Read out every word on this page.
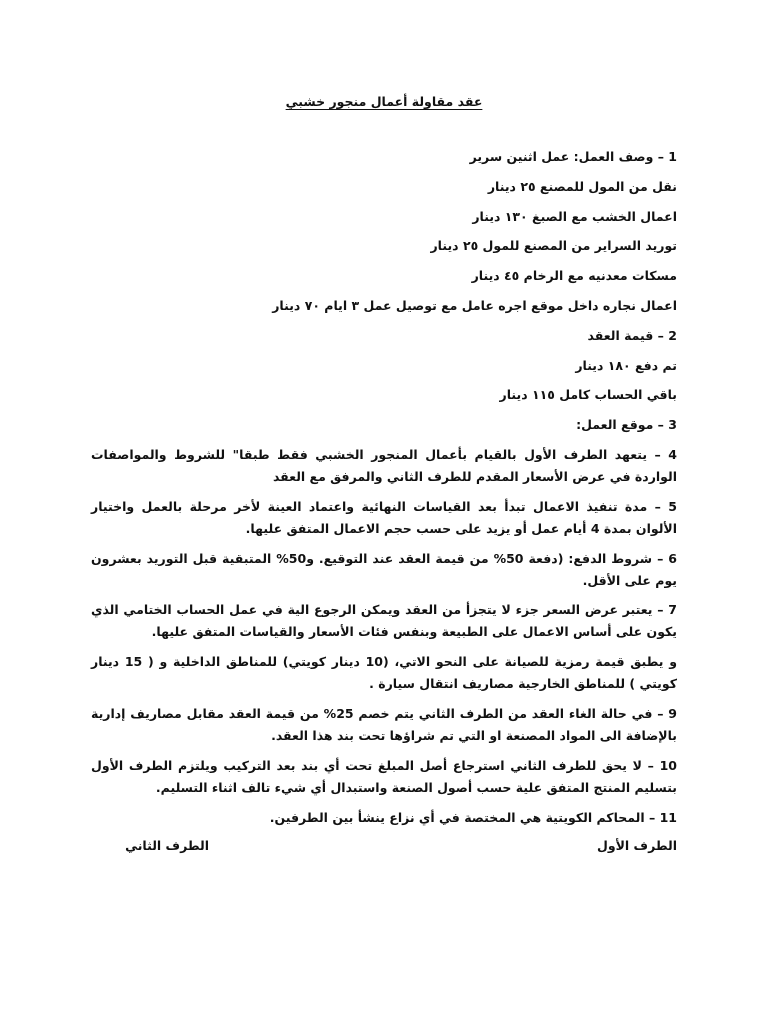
عقد مقاولة أعمال منجور خشبي
1 – وصف العمل: عمل اثنين سرير
نقل من المول للمصنع ٢٥ دينار
اعمال الخشب مع الصبغ ١٣٠ دينار
توريد السراير من المصنع للمول ٢٥ دينار
مسكات معدنيه مع الرخام ٤٥ دينار
اعمال نجاره داخل موقع اجره عامل مع توصيل عمل ٣ ايام ٧٠ دينار
2 – قيمة العقد
تم دفع ١٨٠ دينار
باقي الحساب كامل ١١٥ دينار
3 – موقع العمل:
4 – يتعهد الطرف الأول بالقيام بأعمال المنجور الخشبي فقط طبقا" للشروط والمواصفات الواردة في عرض الأسعار المقدم للطرف الثاني والمرفق مع العقد
5 – مدة تنفيذ الاعمال تبدأ بعد القياسات النهائية واعتماد العينة لأخر مرحلة بالعمل واختيار الألوان بمدة 4 أيام عمل أو يزيد على حسب حجم الاعمال المتفق عليها.
6 – شروط الدفع: (دفعة 50% من قيمة العقد عند التوقيع. و50% المتبقية قبل التوريد بعشرون يوم على الأقل.
7 – يعتبر عرض السعر جزء لا يتجزأ من العقد ويمكن الرجوع الية في عمل الحساب الختامي الذي يكون على أساس الاعمال على الطبيعة وبنفس فئات الأسعار والقياسات المتفق عليها.
و يطبق قيمة رمزية للصيانة على النحو الاتي، (10 دينار كويتي) للمناطق الداخلية و ( 15 دينار كويتي ) للمناطق الخارجية مصاريف انتقال سيارة .
9 – في حالة الغاء العقد من الطرف الثاني يتم خصم 25% من قيمة العقد مقابل مصاريف إدارية بالإضافة الى المواد المصنعة او التي تم شراؤها تحت بند هذا العقد.
10 – لا يحق للطرف الثاني استرجاع أصل المبلغ تحت أي بند بعد التركيب ويلتزم الطرف الأول بتسليم المنتج المتفق علية حسب أصول الصنعة واستبدال أي شيء تالف اثناء التسليم.
11 – المحاكم الكويتية هي المختصة في أي نزاع ينشأ بين الطرفين.
الطرف الأول
الطرف الثاني
